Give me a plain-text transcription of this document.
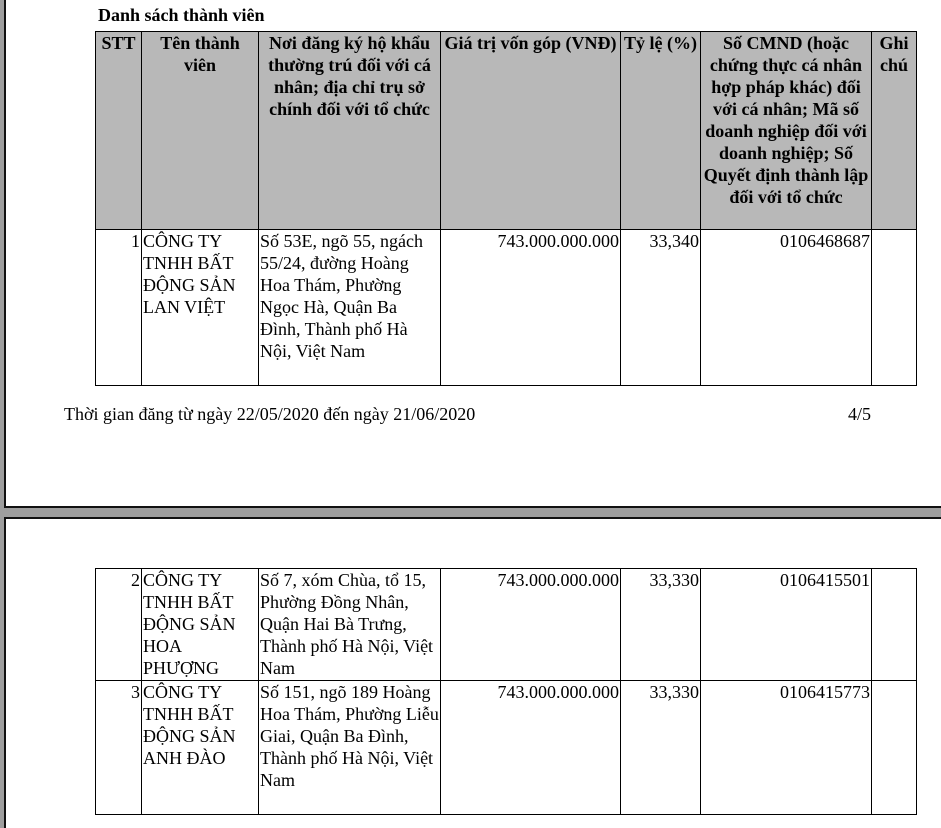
Danh sách thành viên
STT	Tên thành viên	Nơi đăng ký hộ khẩu thường trú đối với cá nhân; địa chỉ trụ sở chính đối với tổ chức	Giá trị vốn góp (VNĐ)	Tỷ lệ (%)	Số CMND (hoặc chứng thực cá nhân hợp pháp khác) đối với cá nhân; Mã số doanh nghiệp đối với doanh nghiệp; Số Quyết định thành lập đối với tổ chức	Ghi chú
1	CÔNG TY TNHH BẤT ĐỘNG SẢN LAN VIỆT	Số 53E, ngõ 55, ngách 55/24, đường Hoàng Hoa Thám, Phường Ngọc Hà, Quận Ba Đình, Thành phố Hà Nội, Việt Nam	743.000.000.000	33,340	0106468687	
Thời gian đăng từ ngày 22/05/2020 đến ngày 21/06/2020	4/5
2	CÔNG TY TNHH BẤT ĐỘNG SẢN HOA PHƯỢNG	Số 7, xóm Chùa, tổ 15, Phường Đồng Nhân, Quận Hai Bà Trưng, Thành phố Hà Nội, Việt Nam	743.000.000.000	33,330	0106415501	
3	CÔNG TY TNHH BẤT ĐỘNG SẢN ANH ĐÀO	Số 151, ngõ 189 Hoàng Hoa Thám, Phường Liễu Giai, Quận Ba Đình, Thành phố Hà Nội, Việt Nam	743.000.000.000	33,330	0106415773	
